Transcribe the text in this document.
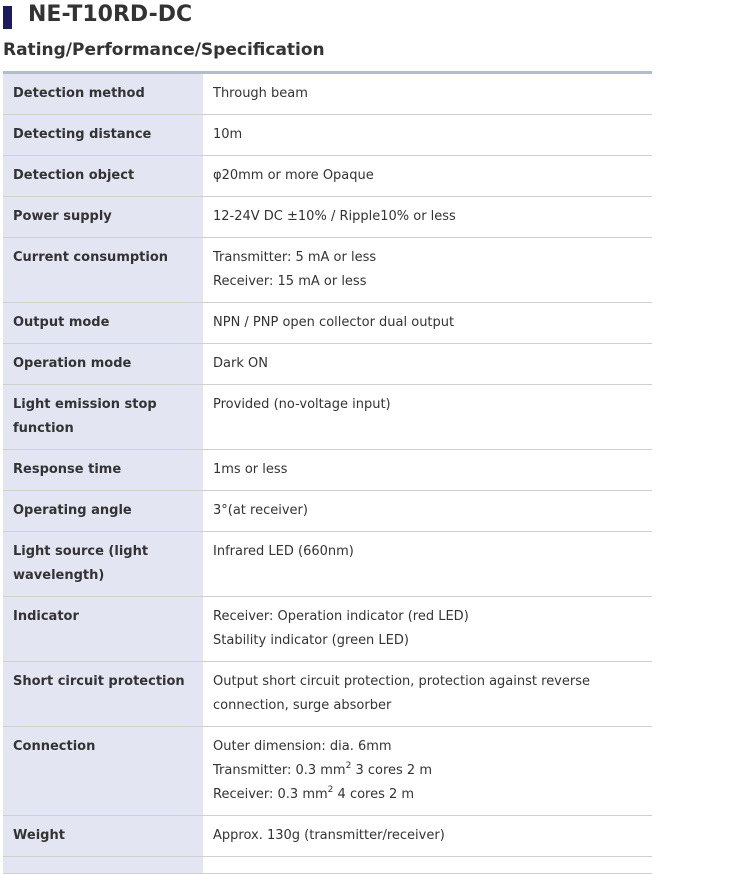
NE-T10RD-DC
Rating/Performance/Specification
Detection method	Through beam
Detecting distance	10m
Detection object	φ20mm or more Opaque
Power supply	12-24V DC ±10% / Ripple10% or less
Current consumption	Transmitter: 5 mA or less
Receiver: 15 mA or less

Output mode	NPN / PNP open collector dual output
Operation mode	Dark ON
Light emission stop function	Provided (no-voltage input)
Response time	1ms or less
Operating angle	3°(at receiver)
Light source (light wavelength)	Infrared LED (660nm)
Indicator	Receiver: Operation indicator (red LED)
Stability indicator (green LED)

Short circuit protection	Output short circuit protection, protection against reverse
connection, surge absorber

Connection	Outer dimension: dia. 6mm
Transmitter: 0.3 $mm^2$ 3 cores 2 m
Receiver: 0.3 $mm^2$ 4 cores 2 m

Weight	Approx. 130g (transmitter/receiver)
